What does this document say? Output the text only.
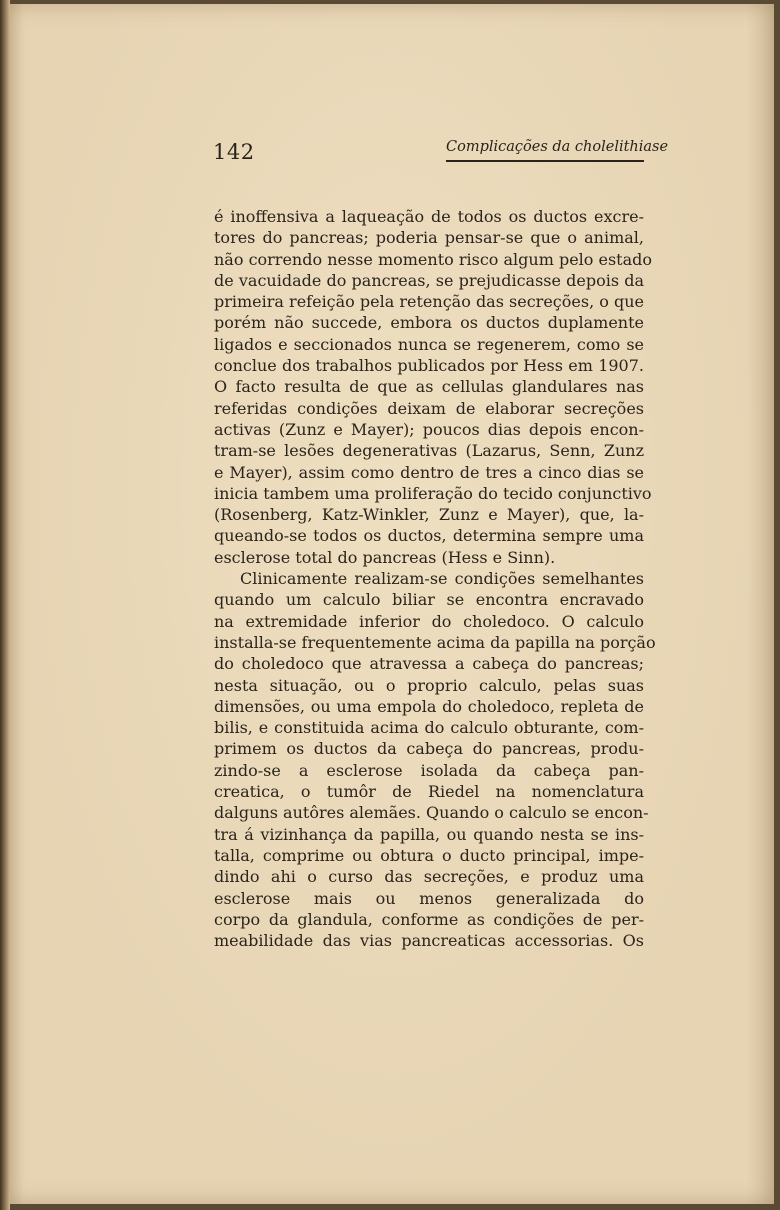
142	Complicações da cholelithiase
é inoffensiva a laqueação de todos os ductos excre-
tores do pancreas; poderia pensar-se que o animal,
não correndo nesse momento risco algum pelo estado
de vacuidade do pancreas, se prejudicasse depois da
primeira refeição pela retenção das secreções, o que
porém não succede, embora os ductos duplamente
ligados e seccionados nunca se regenerem, como se
conclue dos trabalhos publicados por Hess em 1907.
O facto resulta de que as cellulas glandulares nas
referidas condições deixam de elaborar secreções
activas (Zunz e Mayer); poucos dias depois encon-
tram-se lesões degenerativas (Lazarus, Senn, Zunz
e Mayer), assim como dentro de tres a cinco dias se
inicia tambem uma proliferação do tecido conjunctivo
(Rosenberg, Katz-Winkler, Zunz e Mayer), que, la-
queando-se todos os ductos, determina sempre uma
esclerose total do pancreas (Hess e Sinn).
Clinicamente realizam-se condições semelhantes
quando um calculo biliar se encontra encravado
na extremidade inferior do choledoco. O calculo
installa-se frequentemente acima da papilla na porção
do choledoco que atravessa a cabeça do pancreas;
nesta situação, ou o proprio calculo, pelas suas
dimensões, ou uma empola do choledoco, repleta de
bilis, e constituida acima do calculo obturante, com-
primem os ductos da cabeça do pancreas, produ-
zindo-se a esclerose isolada da cabeça pan-
creatica, o tumôr de Riedel na nomenclatura
dalguns autôres alemães. Quando o calculo se encon-
tra á vizinhança da papilla, ou quando nesta se ins-
talla, comprime ou obtura o ducto principal, impe-
dindo ahi o curso das secreções, e produz uma
esclerose mais ou menos generalizada do
corpo da glandula, conforme as condições de per-
meabilidade das vias pancreaticas accessorias. Os
